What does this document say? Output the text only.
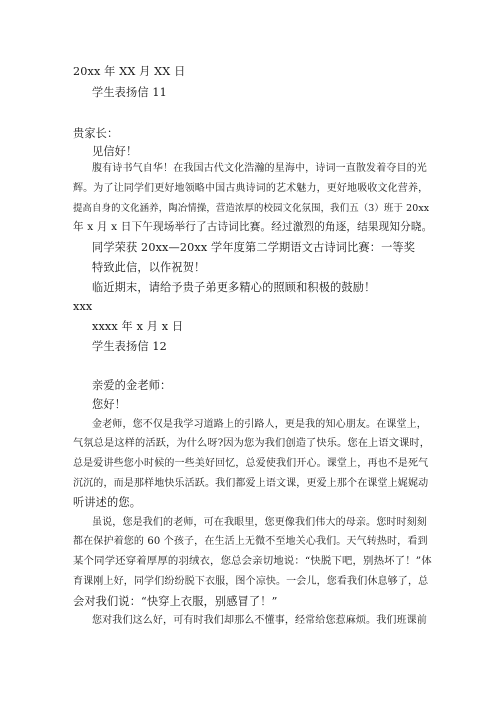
20xx 年 XX 月 XX 日
学生表扬信 11
贵家长：
见信好！
腹有诗书气自华！在我国古代文化浩瀚的星海中，诗词一直散发着夺目的光
辉。为了让同学们更好地领略中国古典诗词的艺术魅力，更好地吸收文化营养，
提高自身的文化涵养，陶冶情操，营造浓厚的校园文化氛围，我们五（3）班于 20xx
年 x 月 x 日下午现场举行了古诗词比赛。经过激烈的角逐，结果现知分晓。
同学荣获 20xx—20xx 学年度第二学期语文古诗词比赛：一等奖
特致此信，以作祝贺！
临近期末，请给予贵子弟更多精心的照顾和积极的鼓励！
xxx
xxxx 年 x 月 x 日
学生表扬信 12
亲爱的金老师：
您好！
金老师，您不仅是我学习道路上的引路人，更是我的知心朋友。在课堂上，
气氛总是这样的活跃，为什么呀?因为您为我们创造了快乐。您在上语文课时，
总是爱讲些您小时候的一些美好回忆，总爱使我们开心。课堂上，再也不是死气
沉沉的，而是那样地快乐活跃。我们都爱上语文课，更爱上那个在课堂上娓娓动
听讲述的您。
虽说，您是我们的老师，可在我眼里，您更像我们伟大的母亲。您时时刻刻
都在保护着您的 60 个孩子，在生活上无微不至地关心我们。天气转热时，看到
某个同学还穿着厚厚的羽绒衣，您总会亲切地说：“快脱下吧，别热坏了！”体
育课刚上好，同学们纷纷脱下衣服，图个凉快。一会儿，您看我们休息够了，总
会对我们说：“快穿上衣服，别感冒了！”
您对我们这么好，可有时我们却那么不懂事，经常给您惹麻烦。我们班课前
